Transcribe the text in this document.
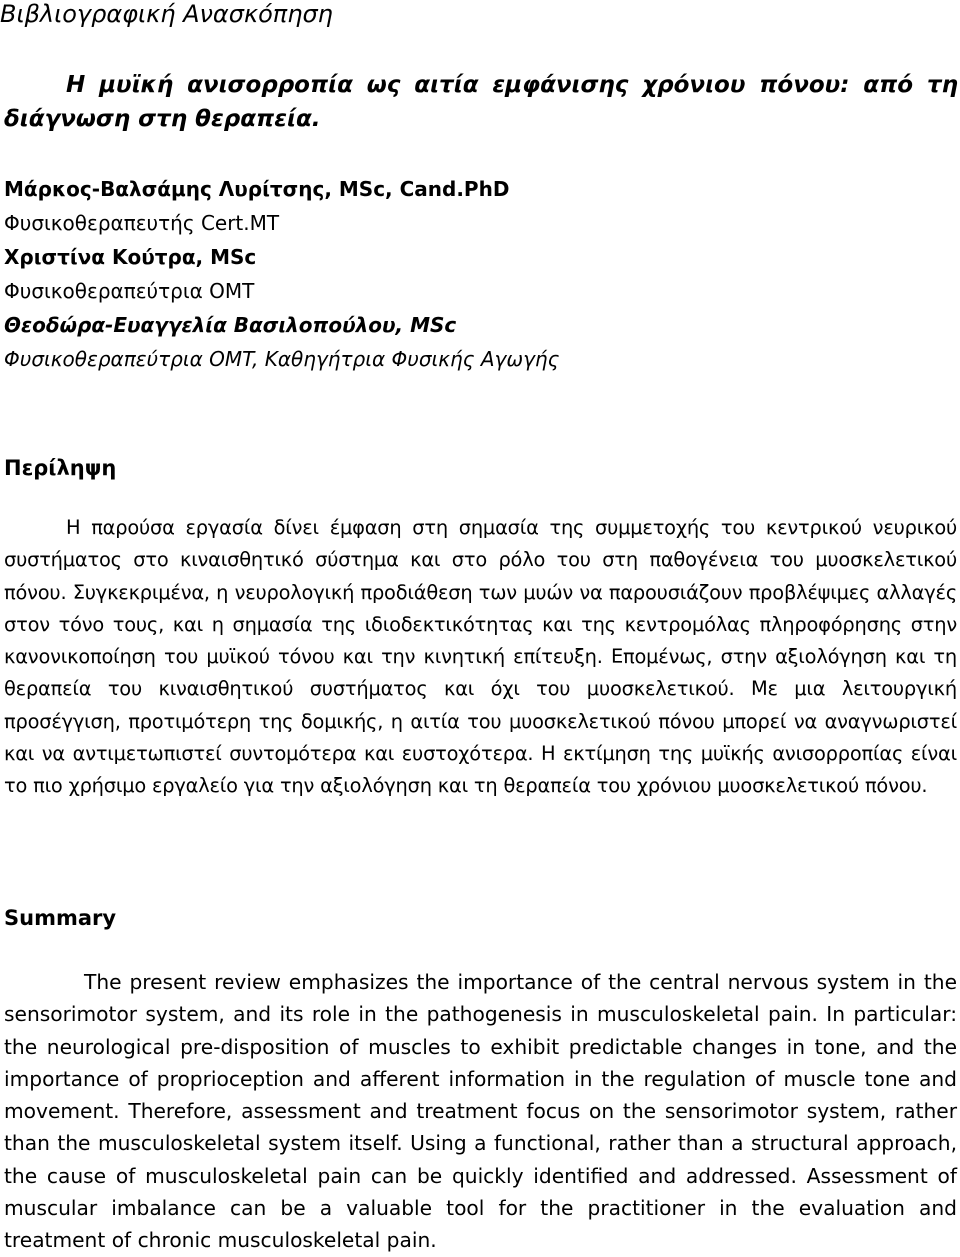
Βιβλιογραφική Ανασκόπηση
Η μυϊκή ανισορροπία ως αιτία εμφάνισης χρόνιου πόνου: από τη διάγνωση στη θεραπεία.
Μάρκος-Βαλσάμης Λυρίτσης, MSc, Cand.PhD
Φυσικοθεραπευτής Cert.MT
Χριστίνα Κούτρα, MSc
Φυσικοθεραπεύτρια OMT
Θεοδώρα-Ευαγγελία Βασιλοπούλου, MSc
Φυσικοθεραπεύτρια OMT, Καθηγήτρια Φυσικής Αγωγής
Περίληψη

Η παρούσα εργασία δίνει έμφαση στη σημασία της συμμετοχής του κεντρικού νευρικού συστήματος στο κιναισθητικό σύστημα και στο ρόλο του στη παθογένεια του μυοσκελετικού πόνου. Συγκεκριμένα, η νευρολογική προδιάθεση των μυών να παρουσιάζουν προβλέψιμες αλλαγές στον τόνο τους, και η σημασία της ιδιοδεκτικότητας και της κεντρομόλας πληροφόρησης στην κανονικοποίηση του μυϊκού τόνου και την κινητική επίτευξη. Επομένως, στην αξιολόγηση και τη θεραπεία του κιναισθητικού συστήματος και όχι του μυοσκελετικού. Με μια λειτουργική προσέγγιση, προτιμότερη της δομικής, η αιτία του μυοσκελετικού πόνου μπορεί να αναγνωριστεί και να αντιμετωπιστεί συντομότερα και ευστοχότερα. Η εκτίμηση της μυϊκής ανισορροπίας είναι το πιο χρήσιμο εργαλείο για την αξιολόγηση και τη θεραπεία του χρόνιου μυοσκελετικού πόνου.

Summary

The present review emphasizes the importance of the central nervous system in the sensorimotor system, and its role in the pathogenesis in musculoskeletal pain. In particular: the neurological pre-disposition of muscles to exhibit predictable changes in tone, and the importance of proprioception and afferent information in the regulation of muscle tone and movement. Therefore, assessment and treatment focus on the sensorimotor system, rather than the musculoskeletal system itself. Using a functional, rather than a structural approach, the cause of musculoskeletal pain can be quickly identified and addressed. Assessment of muscular imbalance can be a valuable tool for the practitioner in the evaluation and treatment of chronic musculoskeletal pain.
